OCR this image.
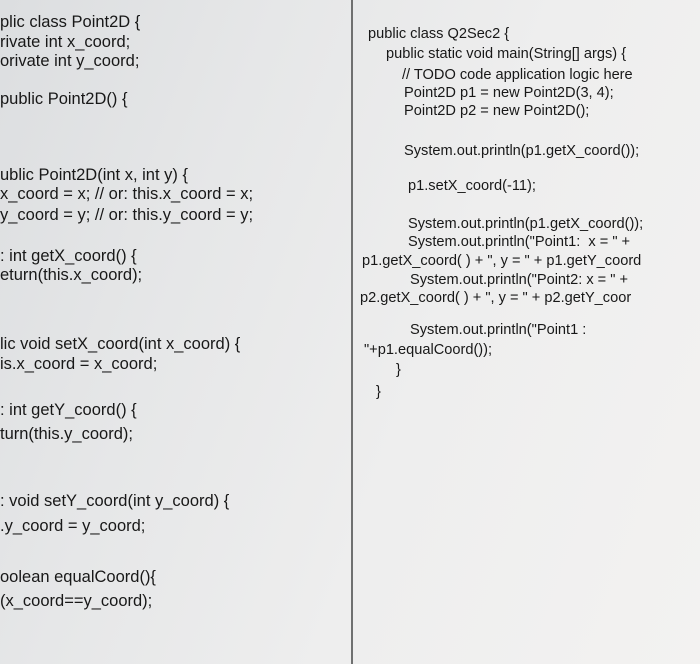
plic class Point2D {
rivate int x_coord;
orivate int y_coord;
public Point2D() {
ublic Point2D(int x, int y) {
x_coord = x; // or: this.x_coord = x;
y_coord = y; // or: this.y_coord = y;
: int getX_coord() {
eturn(this.x_coord);
lic void setX_coord(int x_coord) {
is.x_coord = x_coord;
: int getY_coord() {
turn(this.y_coord);
: void setY_coord(int y_coord) {
.y_coord = y_coord;
oolean equalCoord(){
(x_coord==y_coord);
public class Q2Sec2 {
public static void main(String[] args) {
// TODO code application logic here
Point2D p1 = new Point2D(3, 4);
Point2D p2 = new Point2D();
System.out.println(p1.getX_coord());
p1.setX_coord(-11);
System.out.println(p1.getX_coord());
System.out.println("Point1:  x = " +
p1.getX_coord( ) + ", y = " + p1.getY_coord
System.out.println("Point2: x = " +
p2.getX_coord( ) + ", y = " + p2.getY_coor
System.out.println("Point1 :
"+p1.equalCoord());
}
}
